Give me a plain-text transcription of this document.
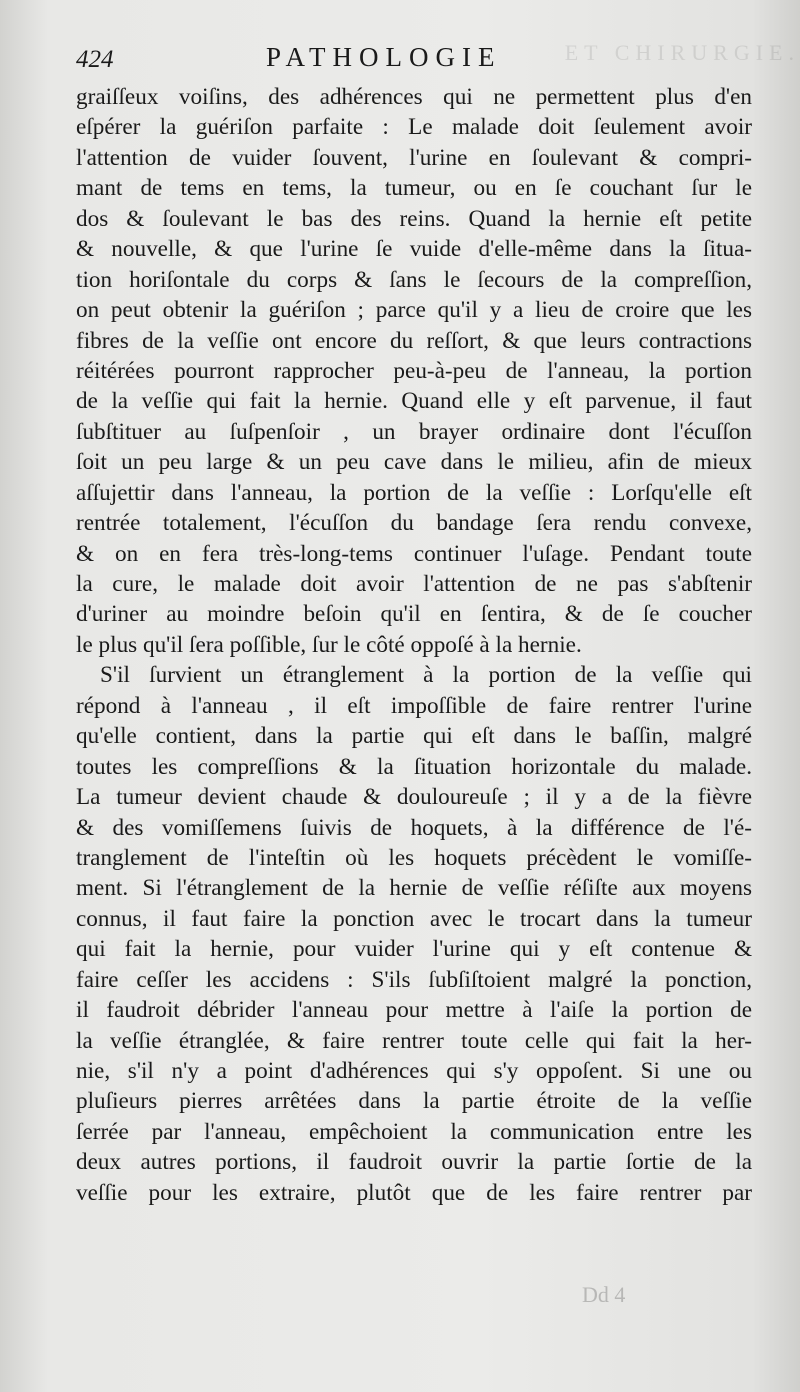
ET CHIRURGIE.
424	PATHOLOGIE
graiſſeux voiſins, des adhérences qui ne permettent plus d'en
eſpérer la guériſon parfaite : Le malade doit ſeulement avoir
l'attention de vuider ſouvent, l'urine en ſoulevant & compri-
mant de tems en tems, la tumeur, ou en ſe couchant ſur le
dos & ſoulevant le bas des reins. Quand la hernie eſt petite
& nouvelle, & que l'urine ſe vuide d'elle-même dans la ſitua-
tion horiſontale du corps & ſans le ſecours de la compreſſion,
on peut obtenir la guériſon ; parce qu'il y a lieu de croire que les
fibres de la veſſie ont encore du reſſort, & que leurs contractions
réitérées pourront rapprocher peu-à-peu de l'anneau, la portion
de la veſſie qui fait la hernie. Quand elle y eſt parvenue, il faut
ſubſtituer au ſuſpenſoir , un brayer ordinaire dont l'écuſſon
ſoit un peu large & un peu cave dans le milieu, afin de mieux
aſſujettir dans l'anneau, la portion de la veſſie : Lorſqu'elle eſt
rentrée totalement, l'écuſſon du bandage ſera rendu convexe,
& on en fera très-long-tems continuer l'uſage. Pendant toute
la cure, le malade doit avoir l'attention de ne pas s'abſtenir
d'uriner au moindre beſoin qu'il en ſentira, & de ſe coucher
le plus qu'il ſera poſſible, ſur le côté oppoſé à la hernie.
S'il ſurvient un étranglement à la portion de la veſſie qui
répond à l'anneau , il eſt impoſſible de faire rentrer l'urine
qu'elle contient, dans la partie qui eſt dans le baſſin, malgré
toutes les compreſſions & la ſituation horizontale du malade.
La tumeur devient chaude & douloureuſe ; il y a de la fièvre
& des vomiſſemens ſuivis de hoquets, à la différence de l'é-
tranglement de l'inteſtin où les hoquets précèdent le vomiſſe-
ment. Si l'étranglement de la hernie de veſſie réſiſte aux moyens
connus, il faut faire la ponction avec le trocart dans la tumeur
qui fait la hernie, pour vuider l'urine qui y eſt contenue &
faire ceſſer les accidens : S'ils ſubſiſtoient malgré la ponction,
il faudroit débrider l'anneau pour mettre à l'aiſe la portion de
la veſſie étranglée, & faire rentrer toute celle qui fait la her-
nie, s'il n'y a point d'adhérences qui s'y oppoſent. Si une ou
pluſieurs pierres arrêtées dans la partie étroite de la veſſie
ſerrée par l'anneau, empêchoient la communication entre les
deux autres portions, il faudroit ouvrir la partie ſortie de la
veſſie pour les extraire, plutôt que de les faire rentrer par
Dd 4
